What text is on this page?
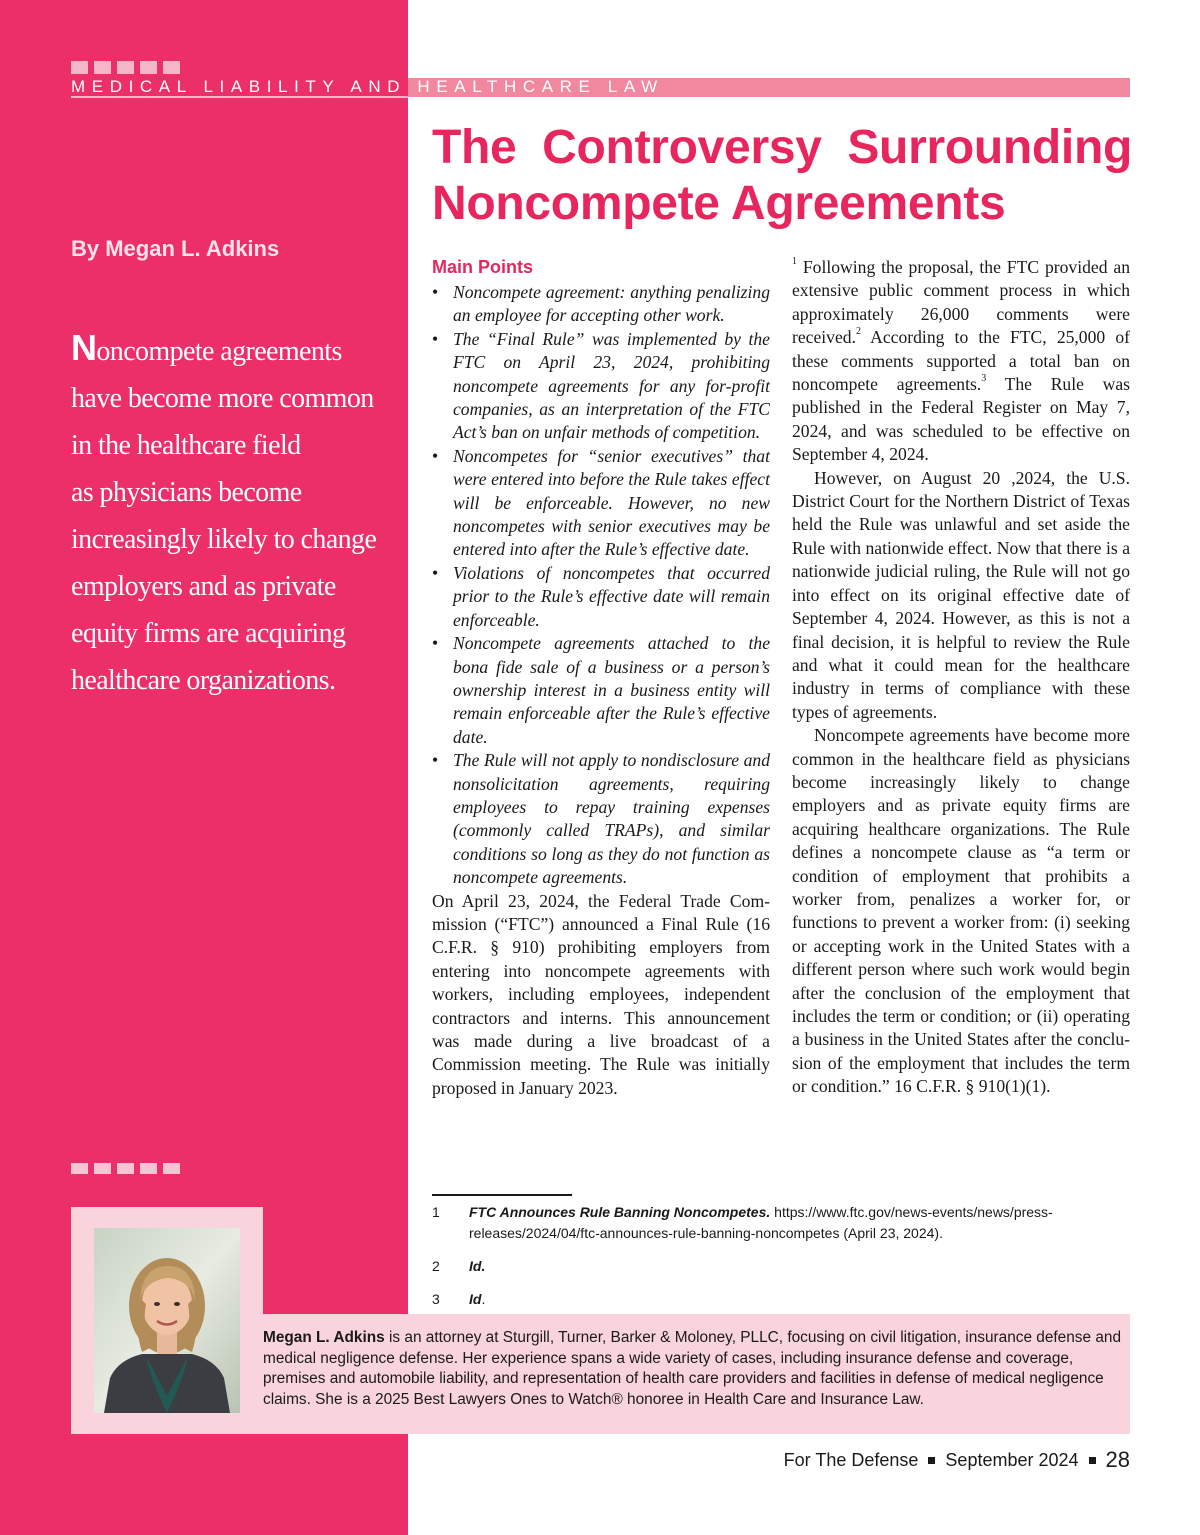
MEDICAL LIABILITY AND HEALTHCARE LAW
The Controversy Surrounding
Noncompete Agreements
By Megan L. Adkins
Noncompete agreements
have become more common
in the healthcare field
as physicians become
increasingly likely to change
employers and as private
equity firms are acquiring
healthcare organizations.
Main Points
• Noncompete agreement: anything penalizing an employee for accepting other work.
• The “Final Rule” was implemented by the FTC on April 23, 2024, prohibiting noncompete agreements for any for-profit companies, as an interpretation of the FTC Act’s ban on unfair methods of competition.
• Noncompetes for “senior executives” that were entered into before the Rule takes effect will be enforceable. However, no new noncompetes with senior executives may be entered into after the Rule’s effective date.
• Violations of noncompetes that occurred prior to the Rule’s effective date will remain enforceable.
• Noncompete agreements attached to the bona fide sale of a business or a person’s ownership interest in a business entity will remain enforceable after the Rule’s effective date.
• The Rule will not apply to nondisclosure and nonsolicitation agreements, requiring employees to repay training expenses (commonly called TRAPs), and similar conditions so long as they do not function as noncompete agreements.

On April 23, 2024, the Federal Trade Commission (“FTC”) announced a Final Rule (16 C.F.R. § 910) prohibiting employers from entering into noncompete agreements with workers, including employees, independent contractors and interns. This announcement was made during a live broadcast of a Commission meeting. The Rule was initially proposed in January 2023.

$^1$ Following the proposal, the FTC provided an extensive public comment process in which approximately 26,000 comments were received.$^2$ According to the FTC, 25,000 of these comments supported a total ban on noncompete agreements.$^3$ The Rule was published in the Federal Register on May 7, 2024, and was scheduled to be effective on September 4, 2024.

However, on August 20 ,2024, the U.S. District Court for the Northern District of Texas held the Rule was unlawful and set aside the Rule with nationwide effect. Now that there is a nationwide judicial ruling, the Rule will not go into effect on its original effective date of September 4, 2024. However, as this is not a final decision, it is helpful to review the Rule and what it could mean for the healthcare industry in terms of compliance with these types of agreements.

Noncompete agreements have become more common in the healthcare field as physicians become increasingly likely to change employers and as private equity firms are acquiring healthcare organizations. The Rule defines a noncompete clause as “a term or condition of employment that prohibits a worker from, penalizes a worker for, or functions to prevent a worker from: (i) seeking or accepting work in the United States with a different person where such work would begin after the conclusion of the employment that includes the term or condition; or (ii) operating a business in the United States after the conclusion of the employment that includes the term or condition.” 16 C.F.R. § 910(1)(1).

1	FTC Announces Rule Banning Noncompetes. https://www.ftc.gov/news-events/news/press-releases/2024/04/ftc-announces-rule-banning-noncompetes (April 23, 2024).
2	Id.
3	Id.

Megan L. Adkins is an attorney at Sturgill, Turner, Barker & Moloney, PLLC, focusing on civil litigation, insurance defense and medical negligence defense. Her experience spans a wide variety of cases, including insurance defense and coverage, premises and automobile liability, and representation of health care providers and facilities in defense of medical negligence claims. She is a 2025 Best Lawyers Ones to Watch® honoree in Health Care and Insurance Law.

For The Defense September 2024 28
